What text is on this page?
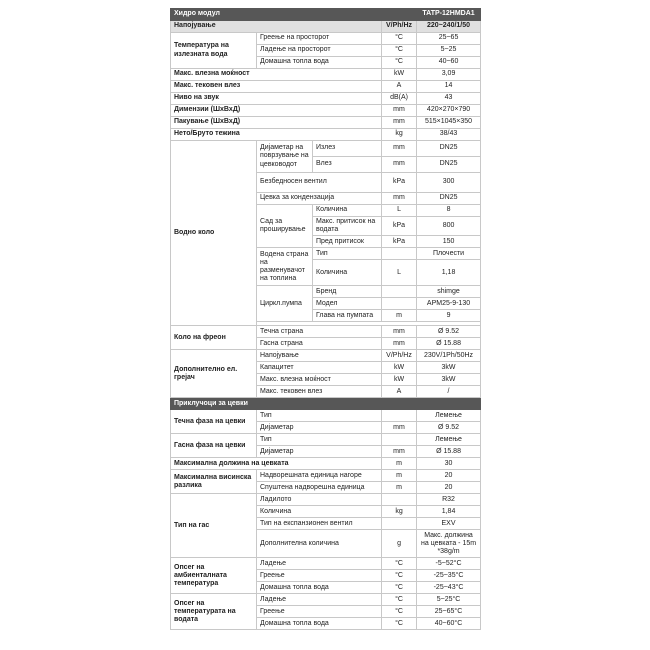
Хидро модул				TATP-12HMDA1
Напојување			V/Ph/Hz	220~240/1/50
Температура на излезната вода	Греење на просторот		°C	25~65
	Ладење на просторот		°C	5~25
	Домашна топла вода		°C	40~60
Макс. влезна моќност			kW	3,09
Макс. тековен влез			A	14
Ниво на звук			dB(A)	43
Димензии (ШxВxД)			mm	420×270×790
Пакување (ШxВxД)			mm	515×1045×350
Нето/Бруто тежина			kg	38/43
Водно коло	Дијаметар на поврзување на цевководот	Излез	mm	DN25
		Влез	mm	DN25
	Безбедносен вентил		kPa	300
	Цевка за кондензација		mm	DN25
	Сад за проширување	Количина	L	8
		Макс. притисок на водата	kPa	800
		Пред притисок	kPa	150
	Водена страна на разменувачот на топлина	Тип		Плочести
		Количина	L	1,18
	Циркл.пумпа	Бренд		shimge
		Модел		APM25-9-130
		Глава на пумпата	m	9

Коло на фреон	Течна страна		mm	Ø 9.52
	Гасна страна		mm	Ø 15.88
Дополнително ел. грејач	Напојување		V/Ph/Hz	230V/1Ph/50Hz
	Капацитет		kW	3kW
	Макс. влезна моќност		kW	3kW
	Макс. тековен влез		A	/
Приклучоци за цевки				
Течна фаза на цевки	Тип			Лемење
	Дијаметар		mm	Ø 9.52
Гасна фаза на цевки	Тип			Лемење
	Дијаметар		mm	Ø 15.88
Максимална должина на цевката			m	30
Максимална висинска разлика	Надворешната единица нагоре		m	20
	Спуштена надворешна единица		m	20
Тип на гас	Ладилото			R32
	Количина		kg	1,84
	Тип на експанзионен вентил			EXV
	Дополнителна количина		g	Макс. должина на цевката - 15m *38g/m
Опсег на амбиенталната температура	Ладење		°C	-5~52°C
	Греење		°C	-25~35°C
	Домашна топла вода		°C	-25~43°C
Опсег на температурата на водата	Ладење		°C	5~25°C
	Греење		°C	25~65°C
	Домашна топла вода		°C	40~60°C
